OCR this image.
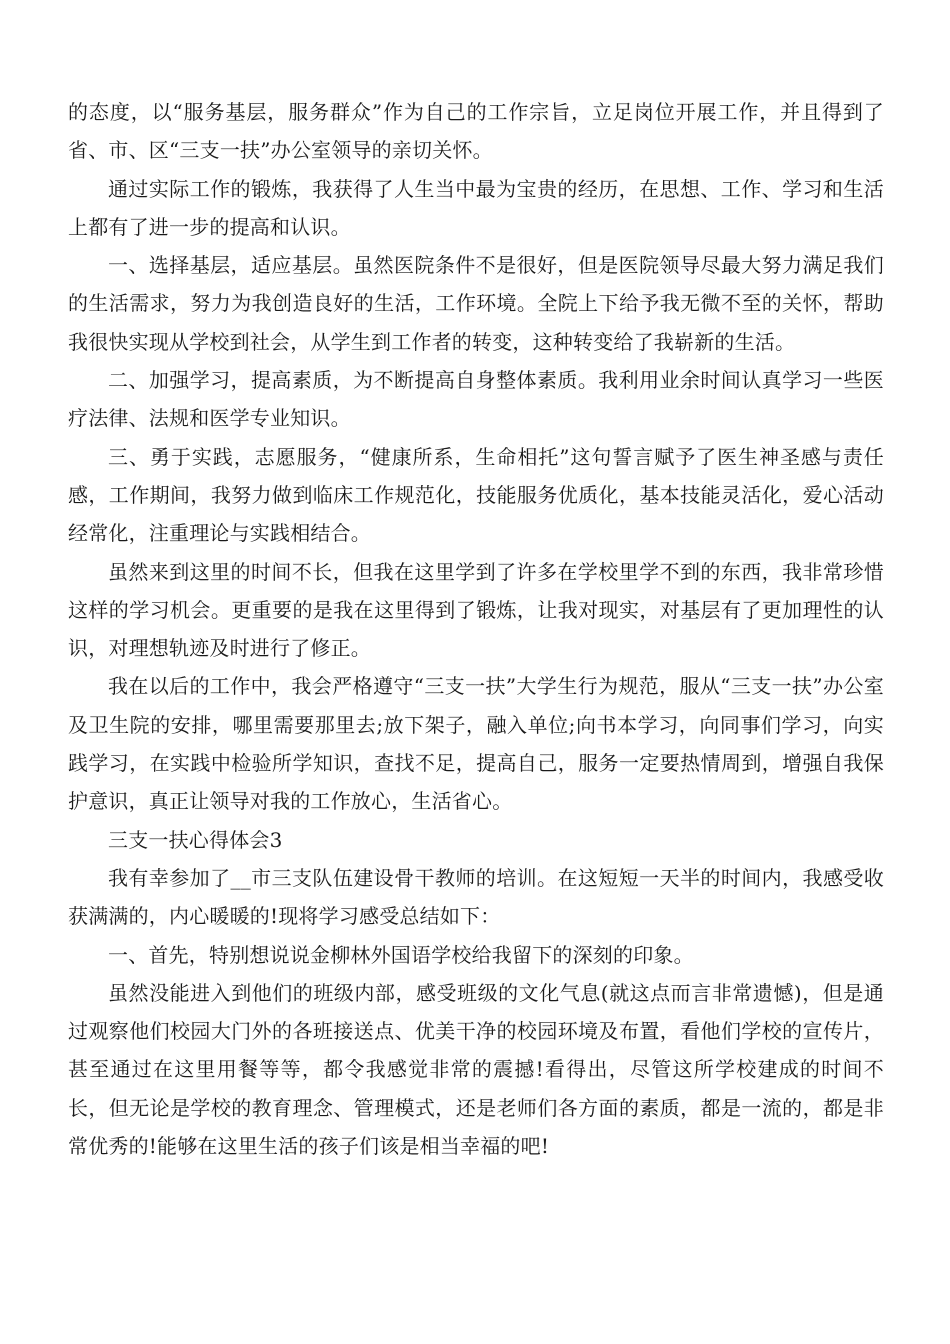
的态度，以“服务基层，服务群众”作为自己的工作宗旨，立足岗位开展工作，并且得到了省、市、区“三支一扶”办公室领导的亲切关怀。

通过实际工作的锻炼，我获得了人生当中最为宝贵的经历，在思想、工作、学习和生活上都有了进一步的提高和认识。

一、选择基层，适应基层。虽然医院条件不是很好，但是医院领导尽最大努力满足我们的生活需求，努力为我创造良好的生活，工作环境。全院上下给予我无微不至的关怀，帮助我很快实现从学校到社会，从学生到工作者的转变，这种转变给了我崭新的生活。

二、加强学习，提高素质，为不断提高自身整体素质。我利用业余时间认真学习一些医疗法律、法规和医学专业知识。

三、勇于实践，志愿服务，“健康所系，生命相托”这句誓言赋予了医生神圣感与责任感，工作期间，我努力做到临床工作规范化，技能服务优质化，基本技能灵活化，爱心活动经常化，注重理论与实践相结合。

虽然来到这里的时间不长，但我在这里学到了许多在学校里学不到的东西，我非常珍惜这样的学习机会。更重要的是我在这里得到了锻炼，让我对现实，对基层有了更加理性的认识，对理想轨迹及时进行了修正。

我在以后的工作中，我会严格遵守“三支一扶”大学生行为规范，服从“三支一扶”办公室及卫生院的安排，哪里需要那里去;放下架子，融入单位;向书本学习，向同事们学习，向实践学习，在实践中检验所学知识，查找不足，提高自己，服务一定要热情周到，增强自我保护意识，真正让领导对我的工作放心，生活省心。

三支一扶心得体会3

我有幸参加了__市三支队伍建设骨干教师的培训。在这短短一天半的时间内，我感受收获满满的，内心暖暖的!现将学习感受总结如下：

一、首先，特别想说说金柳林外国语学校给我留下的深刻的印象。

虽然没能进入到他们的班级内部，感受班级的文化气息(就这点而言非常遗憾)，但是通过观察他们校园大门外的各班接送点、优美干净的校园环境及布置，看他们学校的宣传片，甚至通过在这里用餐等等，都令我感觉非常的震撼!看得出，尽管这所学校建成的时间不长，但无论是学校的教育理念、管理模式，还是老师们各方面的素质，都是一流的，都是非常优秀的!能够在这里生活的孩子们该是相当幸福的吧!
